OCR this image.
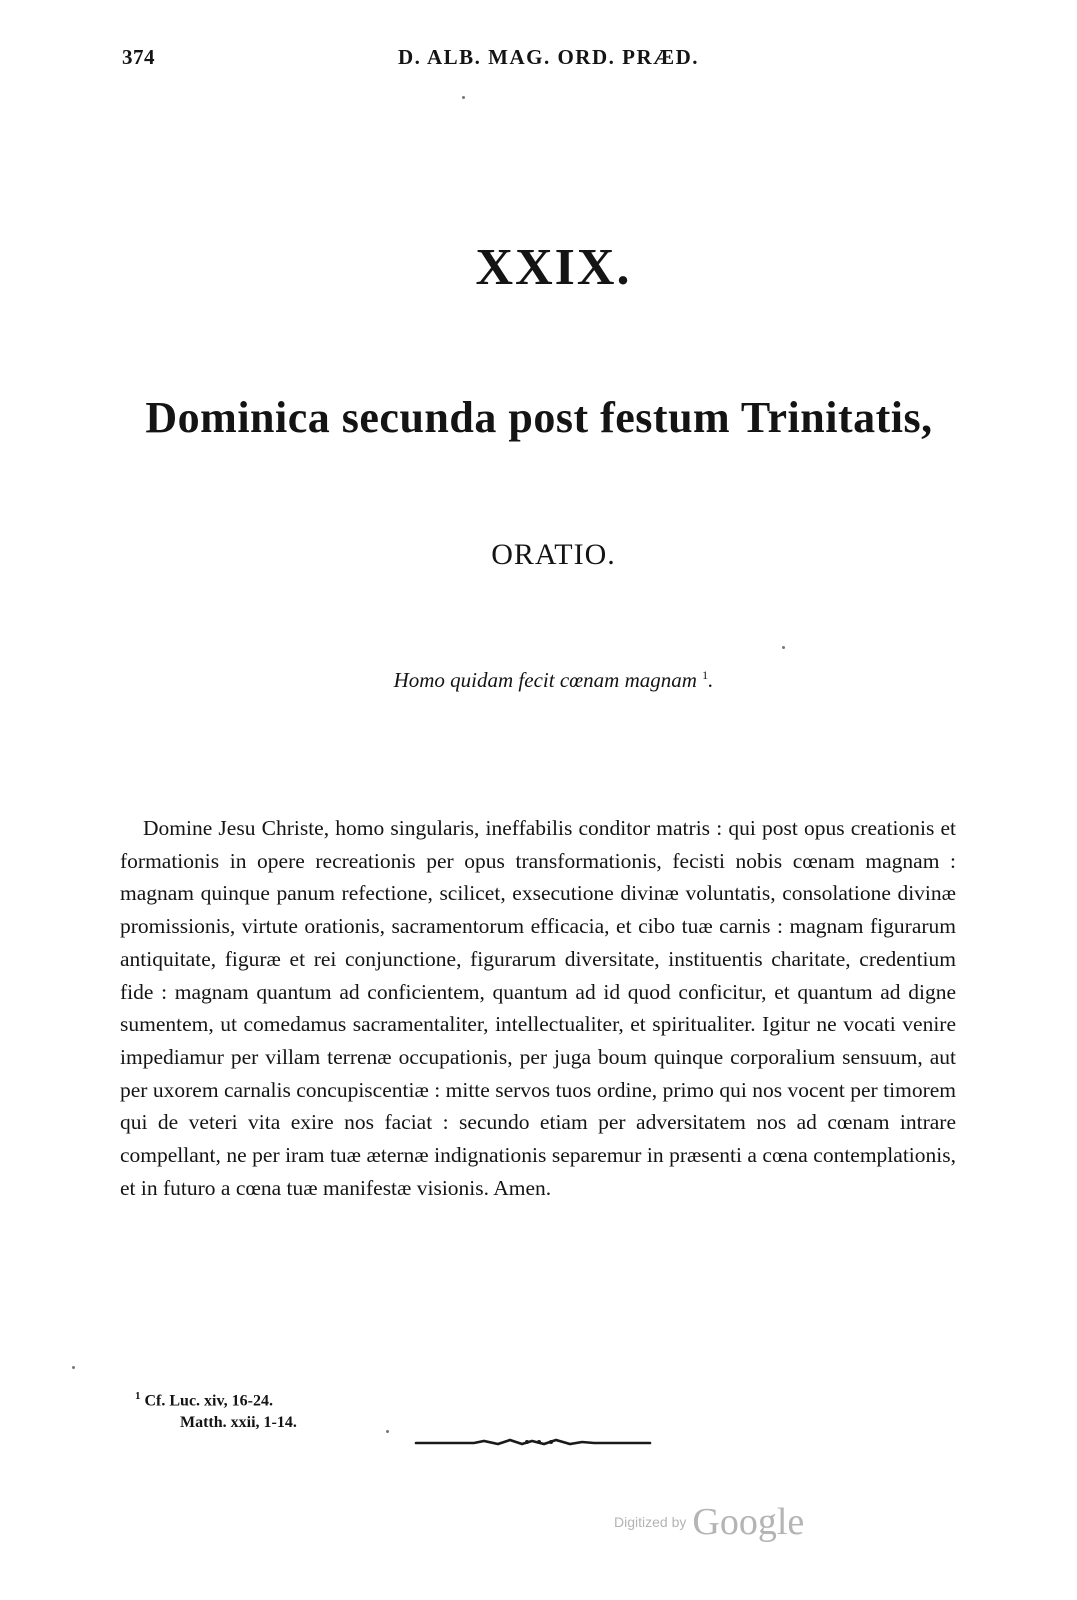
374	D. ALB. MAG. ORD. PRÆD.
XXIX.
Dominica secunda post festum Trinitatis,
ORATIO.
Homo quidam fecit cœnam magnam $^1$.

Domine Jesu Christe, homo singularis, ineffabilis conditor matris : qui post opus creationis et formationis in opere recreationis per opus transformationis, fecisti nobis cœnam magnam : magnam quinque panum refectione, scilicet, exsecutione divinæ voluntatis, consolatione divinæ promissionis, virtute orationis, sacramentorum efficacia, et cibo tuæ carnis : magnam figurarum antiquitate, figuræ et rei conjunctione, figurarum diversitate, instituentis charitate, credentium fide : magnam quantum ad conficientem, quantum ad id quod conficitur, et quantum ad digne sumentem, ut comedamus sacramentaliter, intellectualiter, et spiritualiter. Igitur ne vocati venire impediamur per villam terrenæ occupationis, per juga boum quinque corporalium sensuum, aut per uxorem carnalis concupiscentiæ : mitte servos tuos ordine, primo qui nos vocent per timorem qui de veteri vita exire nos faciat : secundo etiam per adversitatem nos ad cœnam intrare compellant, ne per iram tuæ æternæ indignationis separemur in præsenti a cœna contemplationis, et in futuro a cœna tuæ manifestæ visionis. Amen.

$^1$ Cf. Luc. xiv, 16-24.
Matth. xxii, 1-14.
Digitized by Google
